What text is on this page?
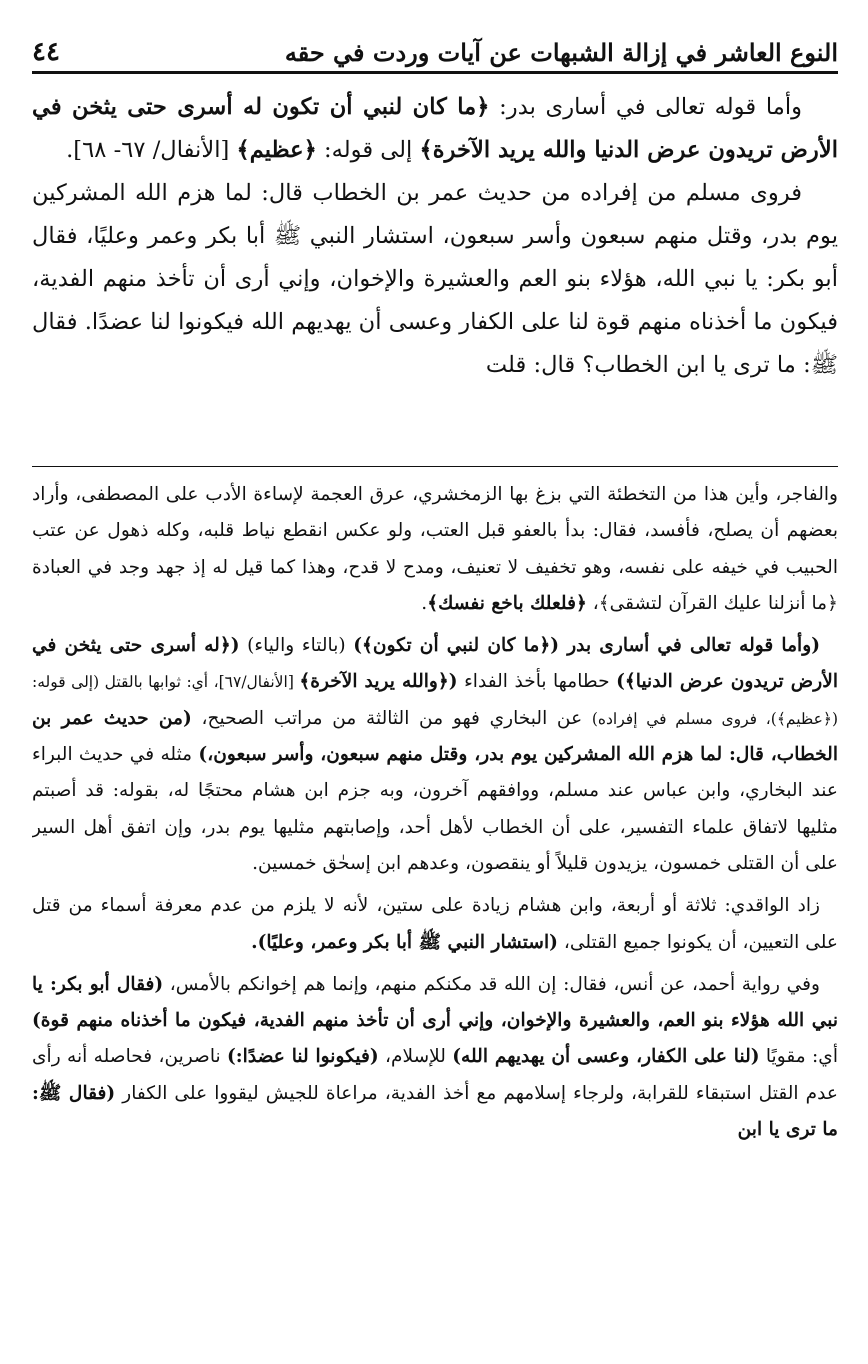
النوع العاشر في إزالة الشبهات عن آيات وردت في حقه
٤٤

وأما قوله تعالى في أسارى بدر: ﴿ما كان لنبي أن تكون له أسرى حتى يثخن في الأرض تريدون عرض الدنيا والله يريد الآخرة﴾ إلى قوله: ﴿عظيم﴾ [الأنفال/ ٦٧- ٦٨].

فروى مسلم من إفراده من حديث عمر بن الخطاب قال: لما هزم الله المشركين يوم بدر، وقتل منهم سبعون وأسر سبعون، استشار النبي ﷺ أبا بكر وعمر وعليًا، فقال أبو بكر: يا نبي الله، هؤلاء بنو العم والعشيرة والإخوان، وإني أرى أن تأخذ منهم الفدية، فيكون ما أخذناه منهم قوة لنا على الكفار وعسى أن يهديهم الله فيكونوا لنا عضدًا. فقال ﷺ: ما ترى يا ابن الخطاب؟ قال: قلت

والفاجر، وأين هذا من التخطئة التي بزغ بها الزمخشري، عرق العجمة لإساءة الأدب على المصطفى، وأراد بعضهم أن يصلح، فأفسد، فقال: بدأ بالعفو قبل العتب، ولو عكس انقطع نياط قلبه، وكله ذهول عن عتب الحبيب في خيفه على نفسه، وهو تخفيف لا تعنيف، ومدح لا قدح، وهذا كما قيل له إذ جهد وجد في العبادة ﴿ما أنزلنا عليك القرآن لتشقى﴾، ﴿فلعلك باخع نفسك﴾.

(وأما قوله تعالى في أسارى بدر (﴿ما كان لنبي أن تكون﴾) (بالتاء والياء) (﴿له أسرى حتى يثخن في الأرض تريدون عرض الدنيا﴾) حطامها بأخذ الفداء (﴿والله يريد الآخرة﴾ [الأنفال/٦٧]، أي: ثوابها بالقتل (إلى قوله: (﴿عظيم﴾)، فروى مسلم في إفراده) عن البخاري فهو من الثالثة من مراتب الصحيح، (من حديث عمر بن الخطاب، قال: لما هزم الله المشركين يوم بدر، وقتل منهم سبعون، وأسر سبعون،) مثله في حديث البراء عند البخاري، وابن عباس عند مسلم، ووافقهم آخرون، وبه جزم ابن هشام محتجًا له، بقوله: قد أصبتم مثليها لاتفاق علماء التفسير، على أن الخطاب لأهل أحد، وإصابتهم مثليها يوم بدر، وإن اتفق أهل السير على أن القتلى خمسون، يزيدون قليلاً أو ينقصون، وعدهم ابن إسحٰق خمسين.

زاد الواقدي: ثلاثة أو أربعة، وابن هشام زيادة على ستين، لأنه لا يلزم من عدم معرفة أسماء من قتل على التعيين، أن يكونوا جميع القتلى، (استشار النبي ﷺ أبا بكر وعمر، وعليًا).

وفي رواية أحمد، عن أنس، فقال: إن الله قد مكنكم منهم، وإنما هم إخوانكم بالأمس، (فقال أبو بكر: يا نبي الله هؤلاء بنو العم، والعشيرة والإخوان، وإني أرى أن تأخذ منهم الفدية، فيكون ما أخذناه منهم قوة) أي: مقويًا (لنا على الكفار، وعسى أن يهديهم الله) للإسلام، (فيكونوا لنا عضدًا:) ناصرين، فحاصله أنه رأى عدم القتل استبقاء للقرابة، ولرجاء إسلامهم مع أخذ الفدية، مراعاة للجيش ليقووا على الكفار (فقال ﷺ: ما ترى يا ابن
